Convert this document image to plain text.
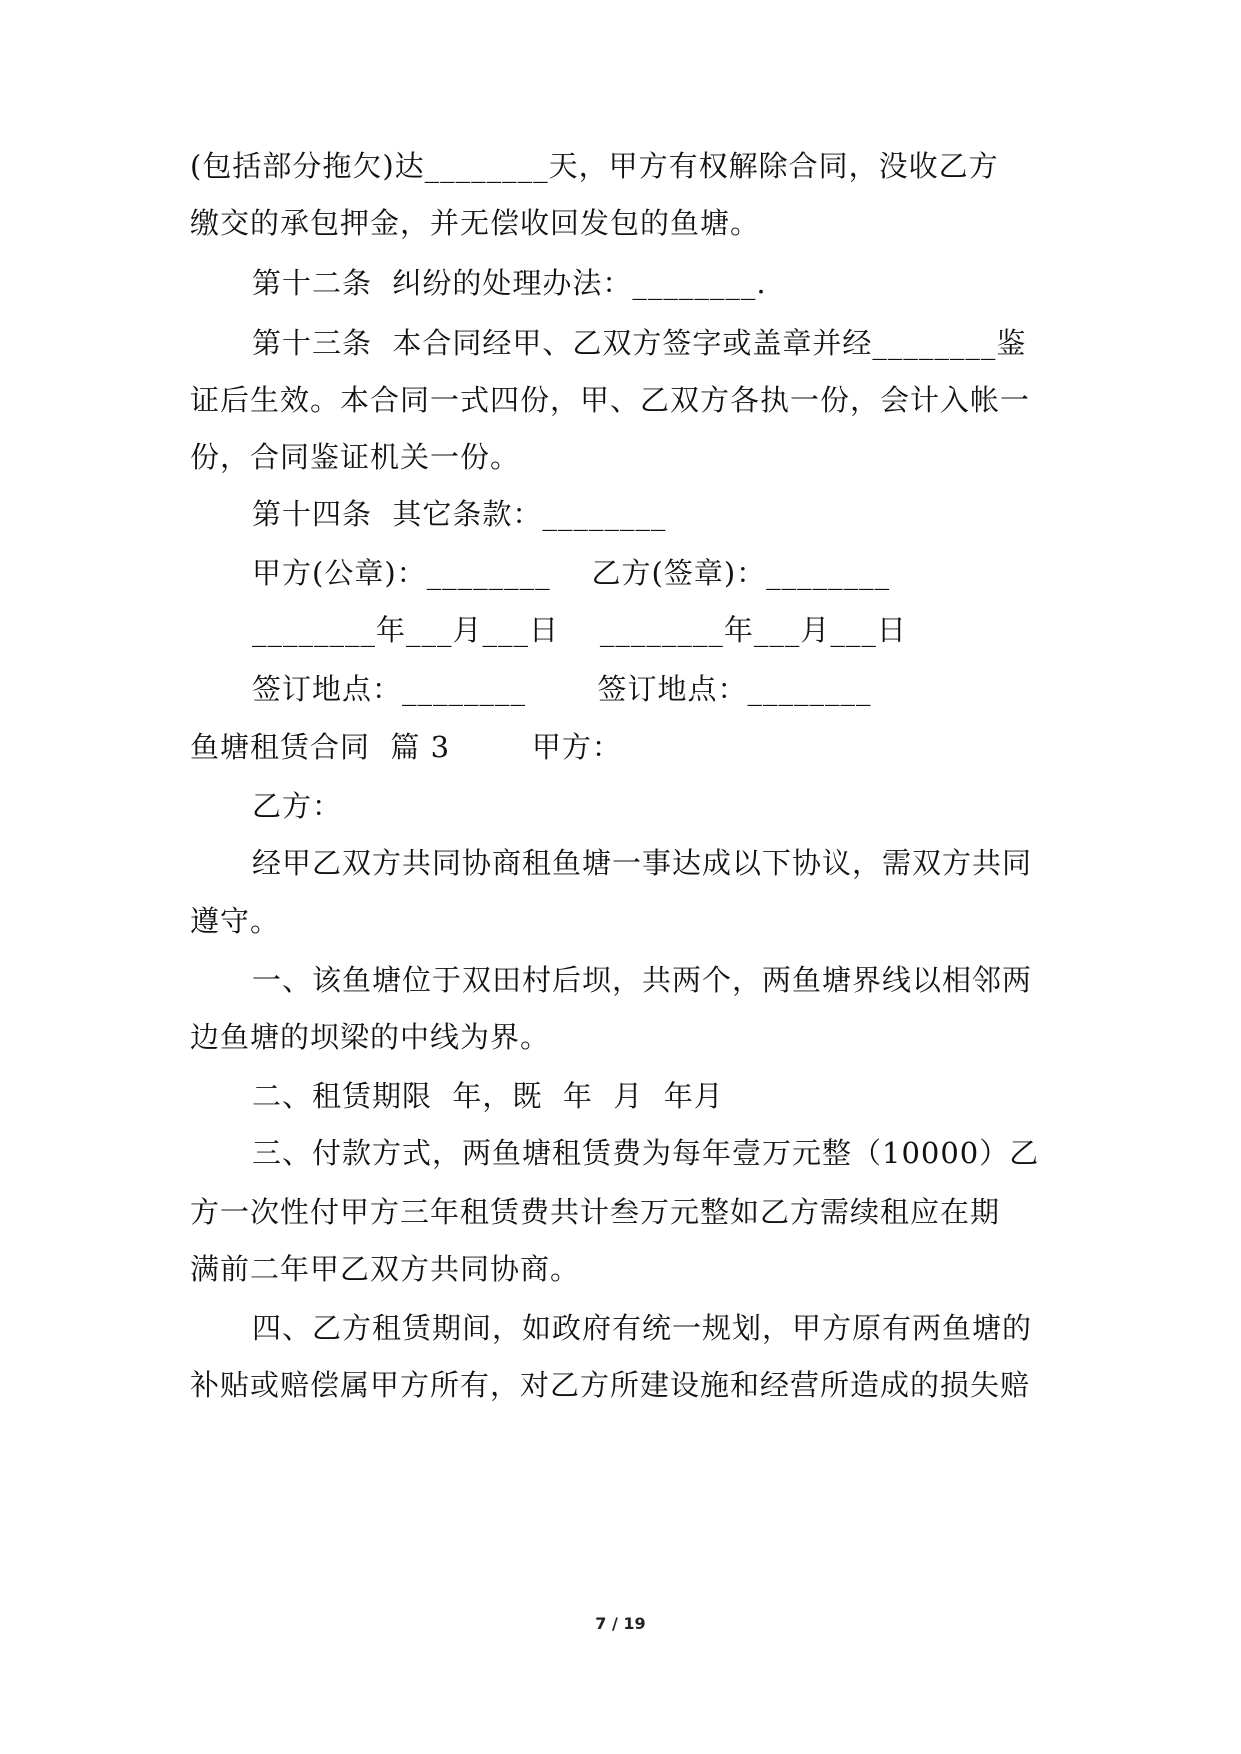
(包括部分拖欠)达________天，甲方有权解除合同，没收乙方
缴交的承包押金，并无偿收回发包的鱼塘。
第十二条  纠纷的处理办法：________.
第十三条  本合同经甲、乙双方签字或盖章并经________鉴
证后生效。本合同一式四份，甲、乙双方各执一份，会计入帐一
份，合同鉴证机关一份。
第十四条  其它条款：________
甲方(公章)：________    乙方(签章)：________
________年___月___日    ________年___月___日
签订地点：________       签订地点：________
鱼塘租赁合同  篇 3        甲方：
乙方：
经甲乙双方共同协商租鱼塘一事达成以下协议，需双方共同
遵守。
一、该鱼塘位于双田村后坝，共两个，两鱼塘界线以相邻两
边鱼塘的坝梁的中线为界。
二、租赁期限  年，既  年  月  年月
三、付款方式，两鱼塘租赁费为每年壹万元整（10000）乙
方一次性付甲方三年租赁费共计叁万元整如乙方需续租应在期
满前二年甲乙双方共同协商。
四、乙方租赁期间，如政府有统一规划，甲方原有两鱼塘的
补贴或赔偿属甲方所有，对乙方所建设施和经营所造成的损失赔
7 / 19
